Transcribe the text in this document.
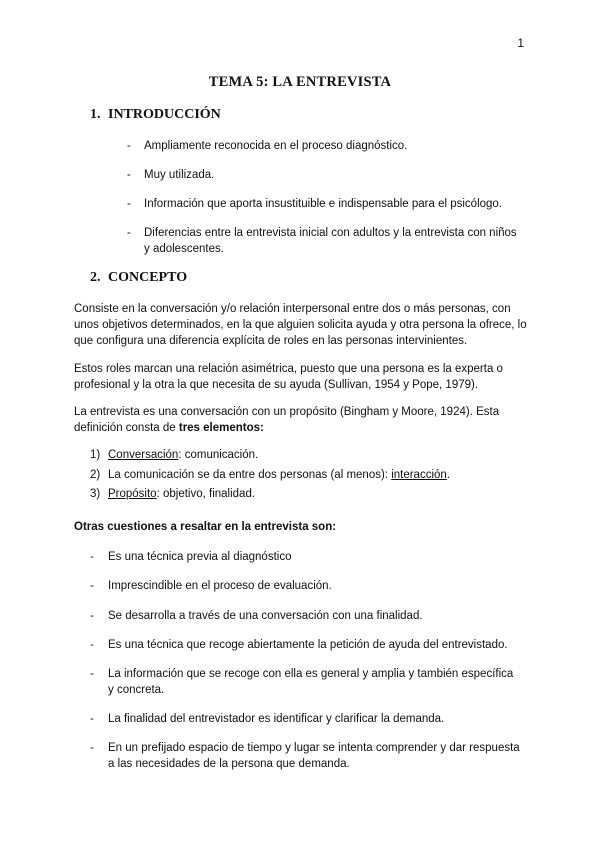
1
TEMA 5: LA ENTREVISTA
1. INTRODUCCIÓN
- Ampliamente reconocida en el proceso diagnóstico.
- Muy utilizada.
- Información que aporta insustituible e indispensable para el psicólogo.
- Diferencias entre la entrevista inicial con adultos y la entrevista con niños y adolescentes.
2. CONCEPTO
Consiste en la conversación y/o relación interpersonal entre dos o más personas, con unos objetivos determinados, en la que alguien solicita ayuda y otra persona la ofrece, lo que configura una diferencia explícita de roles en las personas intervinientes.
Estos roles marcan una relación asimétrica, puesto que una persona es la experta o profesional y la otra la que necesita de su ayuda (Sullivan, 1954 y Pope, 1979).
La entrevista es una conversación con un propósito (Bingham y Moore, 1924). Esta definición consta de tres elementos:
1) Conversación: comunicación.
2) La comunicación se da entre dos personas (al menos): interacción.
3) Propósito: objetivo, finalidad.
Otras cuestiones a resaltar en la entrevista son:
- Es una técnica previa al diagnóstico
- Imprescindible en el proceso de evaluación.
- Se desarrolla a través de una conversación con una finalidad.
- Es una técnica que recoge abiertamente la petición de ayuda del entrevistado.
- La información que se recoge con ella es general y amplia y también específica y concreta.
- La finalidad del entrevistador es identificar y clarificar la demanda.
- En un prefijado espacio de tiempo y lugar se intenta comprender y dar respuesta a las necesidades de la persona que demanda.
